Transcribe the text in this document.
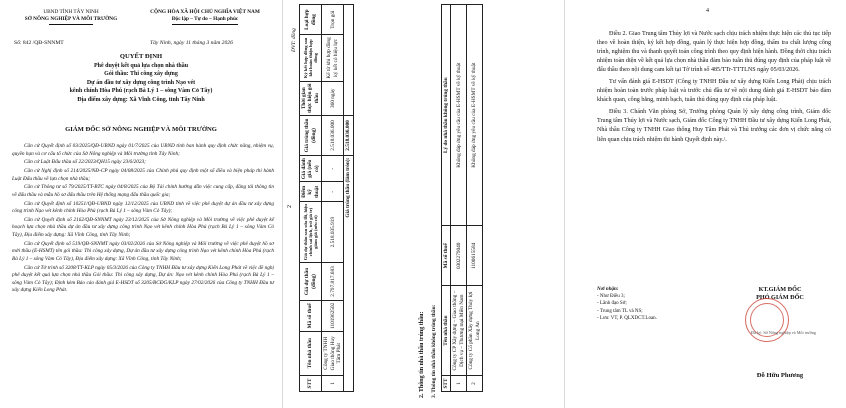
UBND TỈNH TÂY NINH
SỞ NÔNG NGHIỆP VÀ MÔI TRƯỜNG
CỘNG HÒA XÃ HỘI CHỦ NGHĨA VIỆT NAM
Độc lập – Tự do – Hạnh phúc
Số: 842 /QĐ-SNNMT	Tây Ninh, ngày 11 tháng 3 năm 2026
QUYẾT ĐỊNH
Phê duyệt kết quả lựa chọn nhà thầu
Gói thầu: Thi công xây dựng
Dự án đầu tư xây dựng công trình Nạo vét
kênh chính Hòa Phú (rạch Bà Lý 1 – sông Vàm Cỏ Tây)
Địa điểm xây dựng: Xã Vĩnh Công, tỉnh Tây Ninh
GIÁM ĐỐC SỞ NÔNG NGHIỆP VÀ MÔI TRƯỜNG

Căn cứ Quyết định số 03/2025/QĐ-UBND ngày 01/7/2025 của UBND tỉnh ban hành quy định chức năng, nhiệm vụ, quyền hạn và cơ cấu tổ chức của Sở Nông nghiệp và Môi trường tỉnh Tây Ninh;

Căn cứ Luật Đấu thầu số 22/2023/QH15 ngày 23/6/2023;

Căn cứ Nghị định số 214/2025/NĐ-CP ngày 04/08/2025 của Chính phủ quy định một số điều và biện pháp thi hành Luật Đấu thầu về lựa chọn nhà thầu;

Căn cứ Thông tư số 79/2025/TT-BTC ngày 04/8/2025 của Bộ Tài chính hướng dẫn việc cung cấp, đăng tải thông tin về đấu thầu và mẫu hồ sơ đấu thầu trên Hệ thống mạng đấu thầu quốc gia;

Căn cứ Quyết định số 10251/QĐ-UBND ngày 12/12/2025 của UBND tỉnh về việc phê duyệt dự án đầu tư xây dựng công trình Nạo vét kênh chính Hòa Phú (rạch Bà Lý 1 – sông Vàm Cỏ Tây);

Căn cứ Quyết định số 2162/QĐ-SNNMT ngày 23/12/2025 của Sở Nông nghiệp và Môi trường về việc phê duyệt kế hoạch lựa chọn nhà thầu dự án đầu tư xây dựng công trình Nạo vét kênh chính Hòa Phú (rạch Bà Lý 1 – sông Vàm Cỏ Tây), Địa điểm xây dựng: Xã Vĩnh Công, tỉnh Tây Ninh;

Căn cứ Quyết định số 519/QĐ-SNNMT ngày 03/02/2026 của Sở Nông nghiệp và Môi trường về việc phê duyệt hồ sơ mời thầu (E-HSMT) tên gói thầu: Thi công xây dựng, Dự án đầu tư xây dựng công trình Nạo vét kênh chính Hòa Phú (rạch Bà Lý 1 – sông Vàm Cỏ Tây), Địa điểm xây dựng: Xã Vĩnh Công, tỉnh Tây Ninh;

Căn cứ Tờ trình số 3208/TT-KLP ngày 05/3/2026 của Công ty TNHH Đầu tư xây dựng Kiến Long Phát về việc đề nghị phê duyệt kết quả lựa chọn nhà thầu Gói thầu: Thi công xây dựng, Dự án: Nạo vét kênh chính Hòa Phú (rạch Bà Lý 1 – sông Vàm Cỏ Tây); Định kèm Báo cáo đánh giá E-HSDT số 3205/BCĐG/KLP ngày 27/02/2026 của Công ty TNHH Đầu tư xây dựng Kiến Long Phát.

2
ĐVT: đồng
STT	Tên nhà thầu	Mã số thuế	Giá dự thầu (đồng)	Giá dự thầu sau sửa lỗi, hiệu chỉnh sai lệch, trừ giá trị giảm giá (nếu có)	Điểm kỹ thuật	Giá đánh giá (nếu có)	Giá trúng thầu (đồng)	Thời gian thực hiện gói thầu	Ký kết hợp đồng sau khi hoàn thiện hợp đồng	Loại hợp đồng
1	Công ty TNHH Giao thông Huy Tâm Phát	1101962502	2.797.817.683	2.518.035.919	-	-	2.518.036.000	360 ngày	Kể từ khi hợp đồng ký kết có hiệu lực	Trọn gói
Giá trúng thầu (làm tròn):							2.518.036.000			
2. Thông tin nhà thầu trúng thầu: 3. Thông tin nhà thầu không trúng thầu: STT	Tên nhà thầu	Mã số thuế	Lý do nhà thầu không trúng thầu
1	Công ty CP Xây dựng – Giao thông – Dịch vụ – Thương mại Miền Nam	0302279040	Không đáp ứng yêu cầu của E-HSMT về kỹ thuật
2	Công ty Cổ phần Xây dựng Thủy lợi Long An	1100615584	Không đáp ứng yêu cầu của E-HSMT về kỹ thuật
4

Điều 2. Giao Trung tâm Thủy lợi và Nước sạch chịu trách nhiệm thực hiện các thủ tục tiếp theo về hoàn thiện, ký kết hợp đồng, quản lý thực hiện hợp đồng, thẩm tra chất lượng công trình, nghiệm thu và thanh quyết toán công trình theo quy định hiện hành. Đồng thời chịu trách nhiệm toàn diện về kết quả lựa chọn nhà thầu đảm bảo tuân thủ đúng quy định của pháp luật về đấu thầu theo nội dung cam kết tại Tờ trình số 485/TTr-TTTLNS ngày 05/03/2026.

Tư vấn đánh giá E-HSDT (Công ty TNHH Đầu tư xây dựng Kiến Long Phát) chịu trách nhiệm hoàn toàn trước pháp luật và trước chủ đầu tư về nội dung đánh giá E-HSDT bảo đảm khách quan, công bằng, minh bạch, tuân thủ đúng quy định của pháp luật.

Điều 3. Chánh Văn phòng Sở, Trưởng phòng Quản lý xây dựng công trình, Giám đốc Trung tâm Thủy lợi và Nước sạch, Giám đốc Công ty TNHH Đầu tư xây dựng Kiến Long Phát, Nhà thầu Công ty TNHH Giao thông Huy Tâm Phát và Thủ trưởng các đơn vị chức năng có liên quan chịu trách nhiệm thi hành Quyết định này./.

Nơi nhận:
- Như Điều 3;
- Lãnh đạo Sở;
- Trung tâm TL và NS;
- Lưu: VT, P. QLXDCT.Loan.
KT.GIÁM ĐỐC
PHÓ GIÁM ĐỐC
Đã ký: Sở Nông nghiệp và Môi trường
Đỗ Hữu Phương
